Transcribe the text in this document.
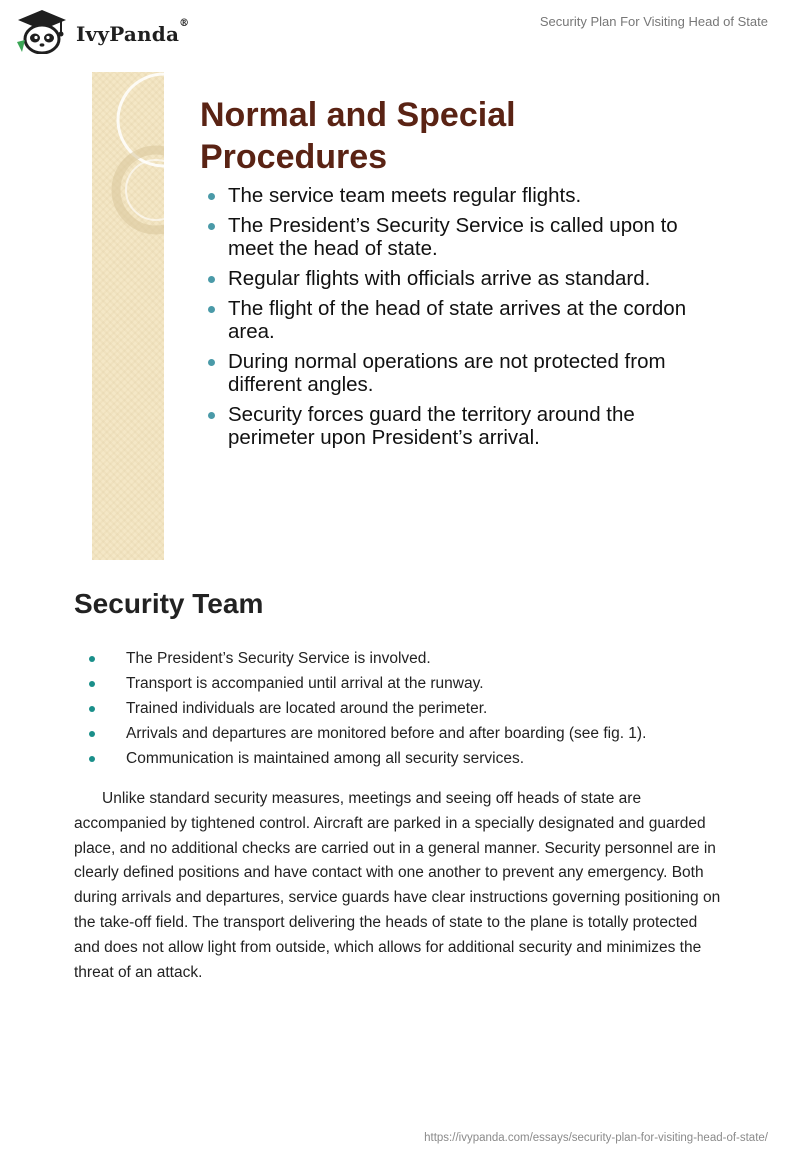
IvyPanda®	Security Plan For Visiting Head of State
Normal and Special Procedures
The service team meets regular flights.
The President’s Security Service is called upon to meet the head of state.
Regular flights with officials arrive as standard.
The flight of the head of state arrives at the cordon area.
During normal operations are not protected from different angles.
Security forces guard the territory around the perimeter upon President’s arrival.
Security Team
The President’s Security Service is involved.
Transport is accompanied until arrival at the runway.
Trained individuals are located around the perimeter.
Arrivals and departures are monitored before and after boarding (see fig. 1).
Communication is maintained among all security services.

Unlike standard security measures, meetings and seeing off heads of state are accompanied by tightened control. Aircraft are parked in a specially designated and guarded place, and no additional checks are carried out in a general manner. Security personnel are in clearly defined positions and have contact with one another to prevent any emergency. Both during arrivals and departures, service guards have clear instructions governing positioning on the take-off field. The transport delivering the heads of state to the plane is totally protected and does not allow light from outside, which allows for additional security and minimizes the threat of an attack.

https://ivypanda.com/essays/security-plan-for-visiting-head-of-state/
